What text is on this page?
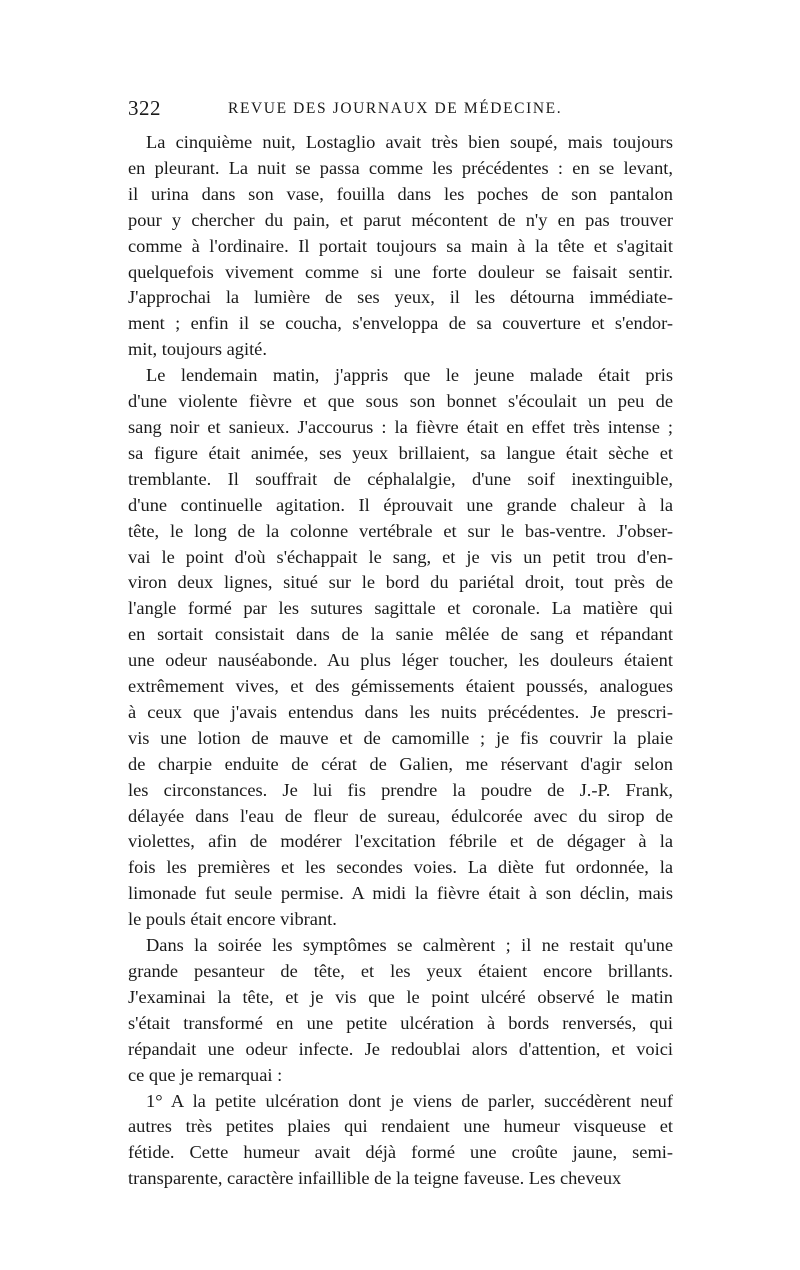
322	REVUE DES JOURNAUX DE MÉDECINE.

La cinquième nuit, Lostaglio avait très bien soupé, mais toujours
en pleurant. La nuit se passa comme les précédentes : en se levant,
il urina dans son vase, fouilla dans les poches de son pantalon
pour y chercher du pain, et parut mécontent de n'y en pas trouver
comme à l'ordinaire. Il portait toujours sa main à la tête et s'agitait
quelquefois vivement comme si une forte douleur se faisait sentir.
J'approchai la lumière de ses yeux, il les détourna immédiate-
ment ; enfin il se coucha, s'enveloppa de sa couverture et s'endor-
mit, toujours agité.

Le lendemain matin, j'appris que le jeune malade était pris
d'une violente fièvre et que sous son bonnet s'écoulait un peu de
sang noir et sanieux. J'accourus : la fièvre était en effet très intense ;
sa figure était animée, ses yeux brillaient, sa langue était sèche et
tremblante. Il souffrait de céphalalgie, d'une soif inextinguible,
d'une continuelle agitation. Il éprouvait une grande chaleur à la
tête, le long de la colonne vertébrale et sur le bas-ventre. J'obser-
vai le point d'où s'échappait le sang, et je vis un petit trou d'en-
viron deux lignes, situé sur le bord du pariétal droit, tout près de
l'angle formé par les sutures sagittale et coronale. La matière qui
en sortait consistait dans de la sanie mêlée de sang et répandant
une odeur nauséabonde. Au plus léger toucher, les douleurs étaient
extrêmement vives, et des gémissements étaient poussés, analogues
à ceux que j'avais entendus dans les nuits précédentes. Je prescri-
vis une lotion de mauve et de camomille ; je fis couvrir la plaie
de charpie enduite de cérat de Galien, me réservant d'agir selon
les circonstances. Je lui fis prendre la poudre de J.-P. Frank,
délayée dans l'eau de fleur de sureau, édulcorée avec du sirop de
violettes, afin de modérer l'excitation fébrile et de dégager à la
fois les premières et les secondes voies. La diète fut ordonnée, la
limonade fut seule permise. A midi la fièvre était à son déclin, mais
le pouls était encore vibrant.

Dans la soirée les symptômes se calmèrent ; il ne restait qu'une
grande pesanteur de tête, et les yeux étaient encore brillants.
J'examinai la tête, et je vis que le point ulcéré observé le matin
s'était transformé en une petite ulcération à bords renversés, qui
répandait une odeur infecte. Je redoublai alors d'attention, et voici
ce que je remarquai :

1° A la petite ulcération dont je viens de parler, succédèrent neuf
autres très petites plaies qui rendaient une humeur visqueuse et
fétide. Cette humeur avait déjà formé une croûte jaune, semi-
transparente, caractère infaillible de la teigne faveuse. Les cheveux
